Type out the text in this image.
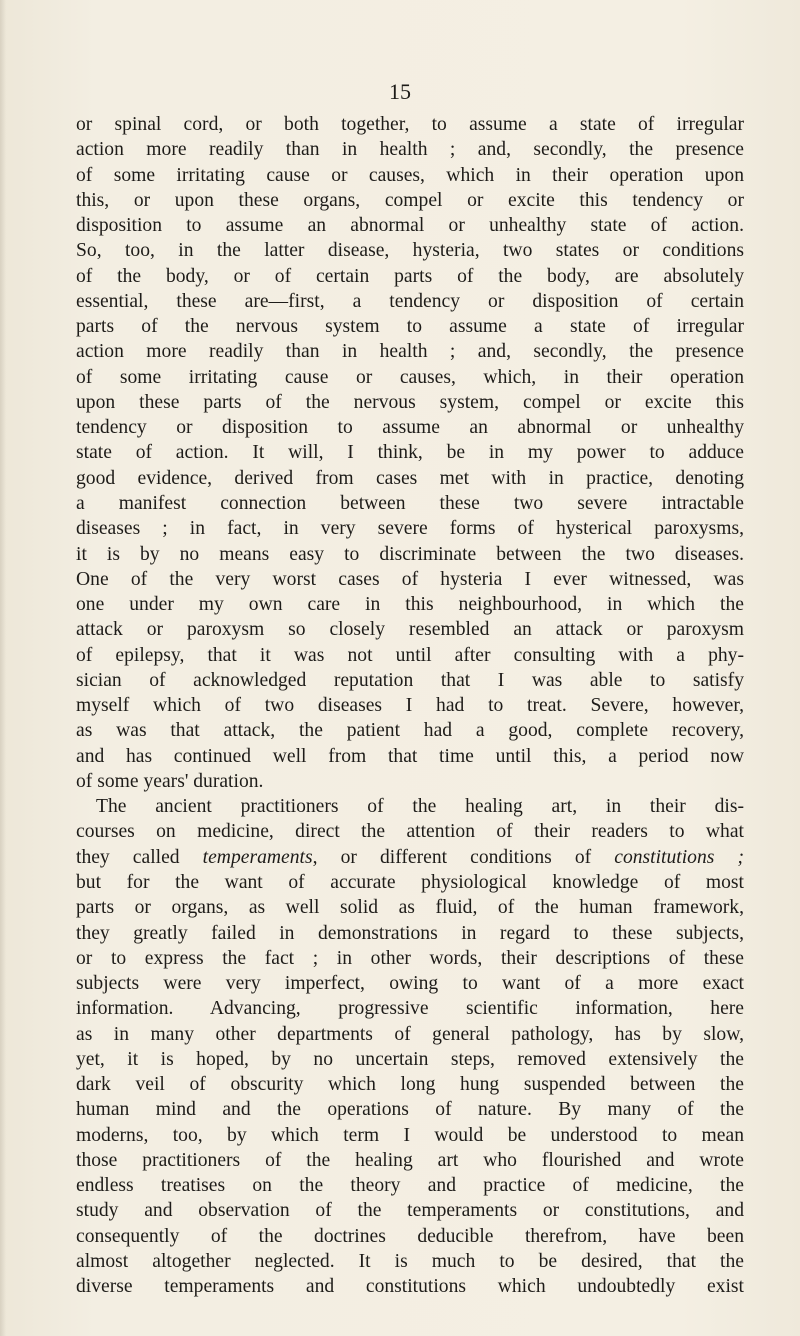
15
or spinal cord, or both together, to assume a state of irregular
action more readily than in health ; and, secondly, the presence
of some irritating cause or causes, which in their operation upon
this, or upon these organs, compel or excite this tendency or
disposition to assume an abnormal or unhealthy state of action.
So, too, in the latter disease, hysteria, two states or conditions
of the body, or of certain parts of the body, are absolutely
essential, these are—first, a tendency or disposition of certain
parts of the nervous system to assume a state of irregular
action more readily than in health ; and, secondly, the presence
of some irritating cause or causes, which, in their operation
upon these parts of the nervous system, compel or excite this
tendency or disposition to assume an abnormal or unhealthy
state of action. It will, I think, be in my power to adduce
good evidence, derived from cases met with in practice, denoting
a manifest connection between these two severe intractable
diseases ; in fact, in very severe forms of hysterical paroxysms,
it is by no means easy to discriminate between the two diseases.
One of the very worst cases of hysteria I ever witnessed, was
one under my own care in this neighbourhood, in which the
attack or paroxysm so closely resembled an attack or paroxysm
of epilepsy, that it was not until after consulting with a phy-
sician of acknowledged reputation that I was able to satisfy
myself which of two diseases I had to treat. Severe, however,
as was that attack, the patient had a good, complete recovery,
and has continued well from that time until this, a period now
of some years' duration.
The ancient practitioners of the healing art, in their dis-
courses on medicine, direct the attention of their readers to what
they called temperaments, or different conditions of constitutions ;
but for the want of accurate physiological knowledge of most
parts or organs, as well solid as fluid, of the human framework,
they greatly failed in demonstrations in regard to these subjects,
or to express the fact ; in other words, their descriptions of these
subjects were very imperfect, owing to want of a more exact
information. Advancing, progressive scientific information, here
as in many other departments of general pathology, has by slow,
yet, it is hoped, by no uncertain steps, removed extensively the
dark veil of obscurity which long hung suspended between the
human mind and the operations of nature. By many of the
moderns, too, by which term I would be understood to mean
those practitioners of the healing art who flourished and wrote
endless treatises on the theory and practice of medicine, the
study and observation of the temperaments or constitutions, and
consequently of the doctrines deducible therefrom, have been
almost altogether neglected. It is much to be desired, that the
diverse temperaments and constitutions which undoubtedly exist
